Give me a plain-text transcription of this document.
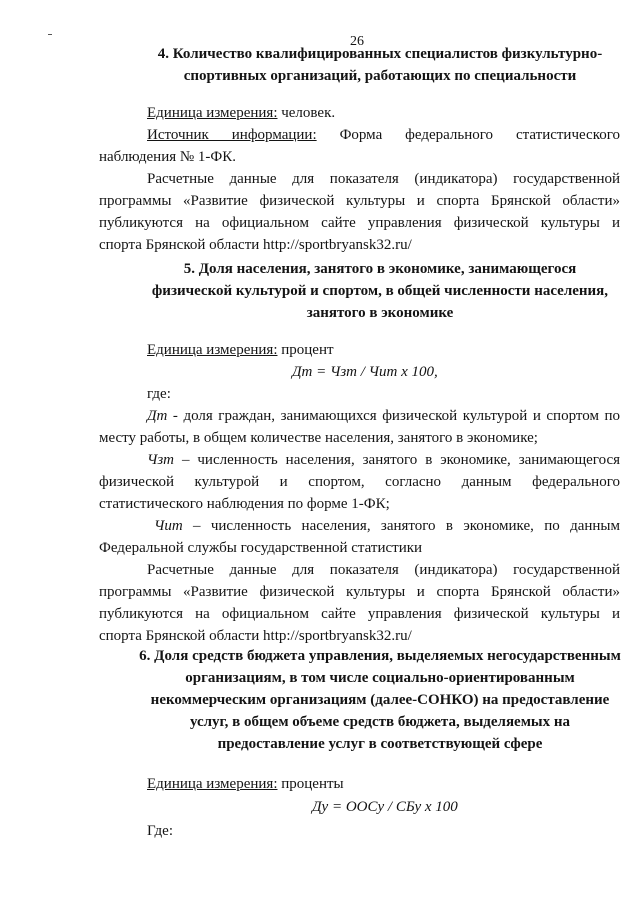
26
4. Количество квалифицированных специалистов физкультурно-
спортивных организаций, работающих по специальности
Единица измерения: человек.
Источник информации: Форма федерального статистического
наблюдения № 1-ФК.
Расчетные данные для показателя (индикатора) государственной
программы «Развитие физической культуры и спорта Брянской области»
публикуются на официальном сайте управления физической культуры и
спорта Брянской области http://sportbryansk32.ru/
5. Доля населения, занятого в экономике, занимающегося
физической культурой и спортом, в общей численности населения,
занятого в экономике
Единица измерения: процент
Дт = Чзт / Чит х 100,
где:
Дт - доля граждан, занимающихся физической культурой и спортом по
месту работы, в общем количестве населения, занятого в экономике;
Чзт – численность населения, занятого в экономике, занимающегося
физической культурой и спортом, согласно данным федерального
статистического наблюдения по форме 1-ФК;
Чит – численность населения, занятого в экономике, по данным
Федеральной службы государственной статистики
Расчетные данные для показателя (индикатора) государственной
программы «Развитие физической культуры и спорта Брянской области»
публикуются на официальном сайте управления физической культуры и
спорта Брянской области http://sportbryansk32.ru/
6. Доля средств бюджета управления, выделяемых негосударственным
организациям, в том числе социально-ориентированным
некоммерческим организациям (далее-СОНКО) на предоставление
услуг, в общем объеме средств бюджета, выделяемых на
предоставление услуг в соответствующей сфере
Единица измерения: проценты
Ду = ООСу / СБу х 100
Где:
